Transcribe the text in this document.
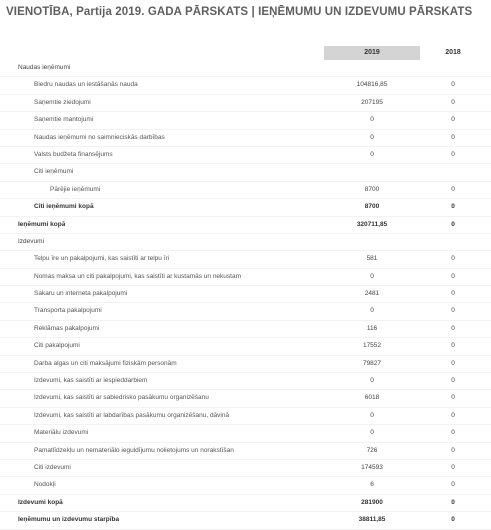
VIENOTĪBA, Partija 2019. GADA PĀRSKATS | IEŅĒMUMU UN IZDEVUMU PĀRSKATS
2019	2018
Naudas ieņēmumi
Biedru naudas un iestāšanās nauda	104816,85	0
Saņemtie ziedojumi	207195	0
Saņemtie mantojumi	0	0
Naudas ieņēmumi no saimnieciskās darbības	0	0
Valsts budžeta finansējums	0	0
Citi ieņēmumi
Pārējie ieņēmumi	8700	0
Citi ieņēmumi kopā	8700	0
Ieņēmumi kopā	320711,85	0
Izdevumi
Telpu īre un pakalpojumi, kas saistīti ar telpu īri	581	0
Nomas maksa un citi pakalpojumi, kas saistīti ar kustamās un nekustam	0	0
Sakaru un interneta pakalpojumi	2481	0
Transporta pakalpojumi	0	0
Reklāmas pakalpojumi	116	0
Citi pakalpojumi	17552	0
Darba algas un citi maksājumi fiziskām personām	79827	0
Izdevumi, kas saistīti ar iespieddarbiem	0	0
Izdevumi, kas saistīti ar sabiedrisko pasākumu organizēšanu	6018	0
Izdevumi, kas saistīti ar labdarības pasākumu organizēšanu, dāvinā	0	0
Materiālu izdevumi	0	0
Pamatlīdzekļu un nemateriālo ieguldījumu nolietojums un norakstīšan	726	0
Citi izdevumi	174593	0
Nodokļi	6	0
Izdevumi kopā	281900	0
Ieņēmumu un izdevumu starpība	38811,85	0
